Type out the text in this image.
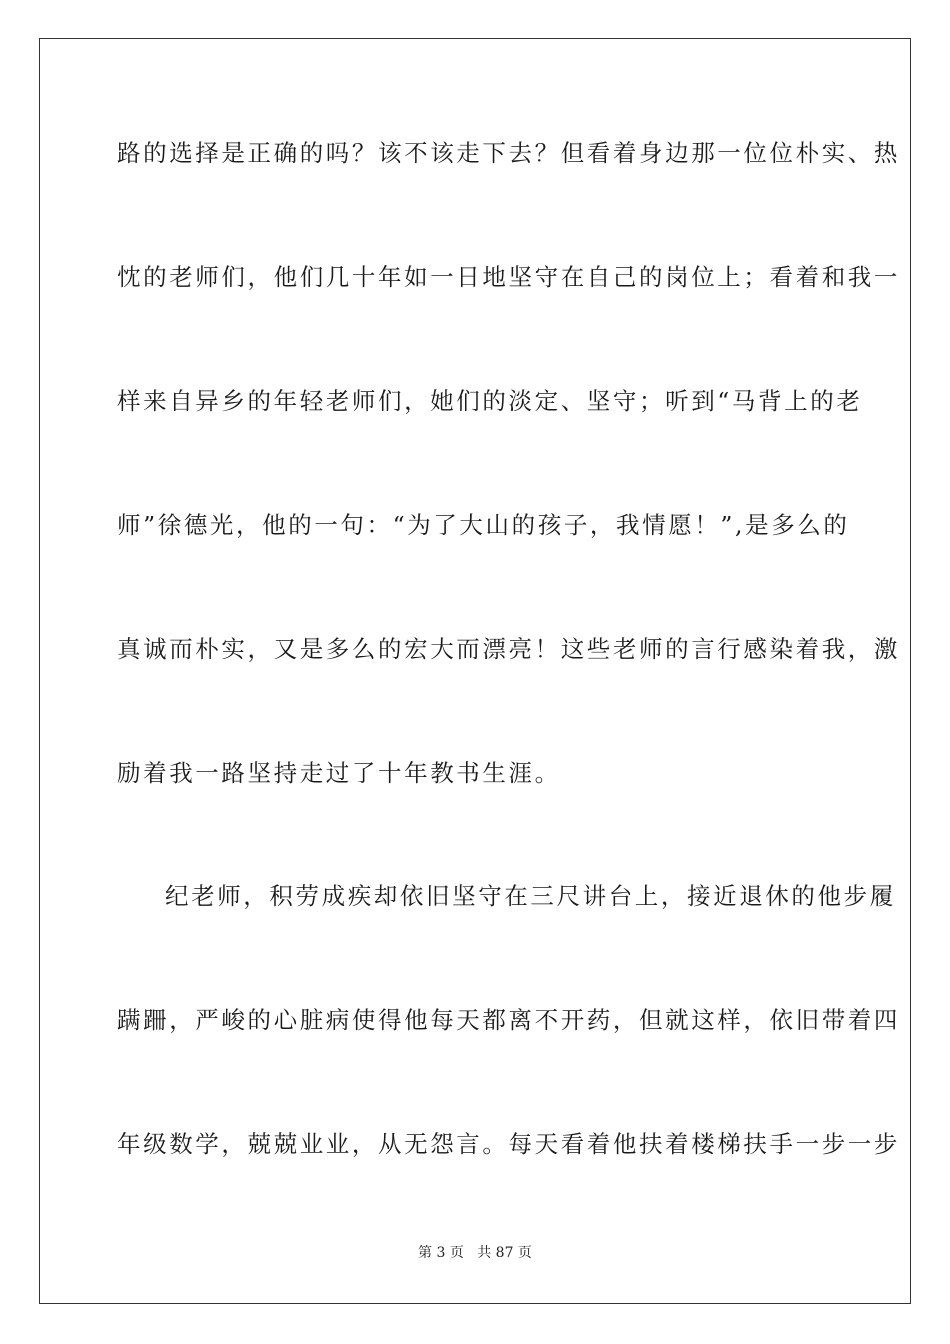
路的选择是正确的吗？该不该走下去？但看着身边那一位位朴实、热
忱的老师们，他们几十年如一日地坚守在自己的岗位上；看着和我一
样来自异乡的年轻老师们，她们的淡定、坚守；听到“马背上的老
师”徐德光，他的一句：“为了大山的孩子，我情愿！”,是多么的
真诚而朴实，又是多么的宏大而漂亮！这些老师的言行感染着我，激
励着我一路坚持走过了十年教书生涯。
纪老师，积劳成疾却依旧坚守在三尺讲台上，接近退休的他步履
蹒跚，严峻的心脏病使得他每天都离不开药，但就这样，依旧带着四
年级数学，兢兢业业，从无怨言。每天看着他扶着楼梯扶手一步一步
第 3 页 共 87 页
